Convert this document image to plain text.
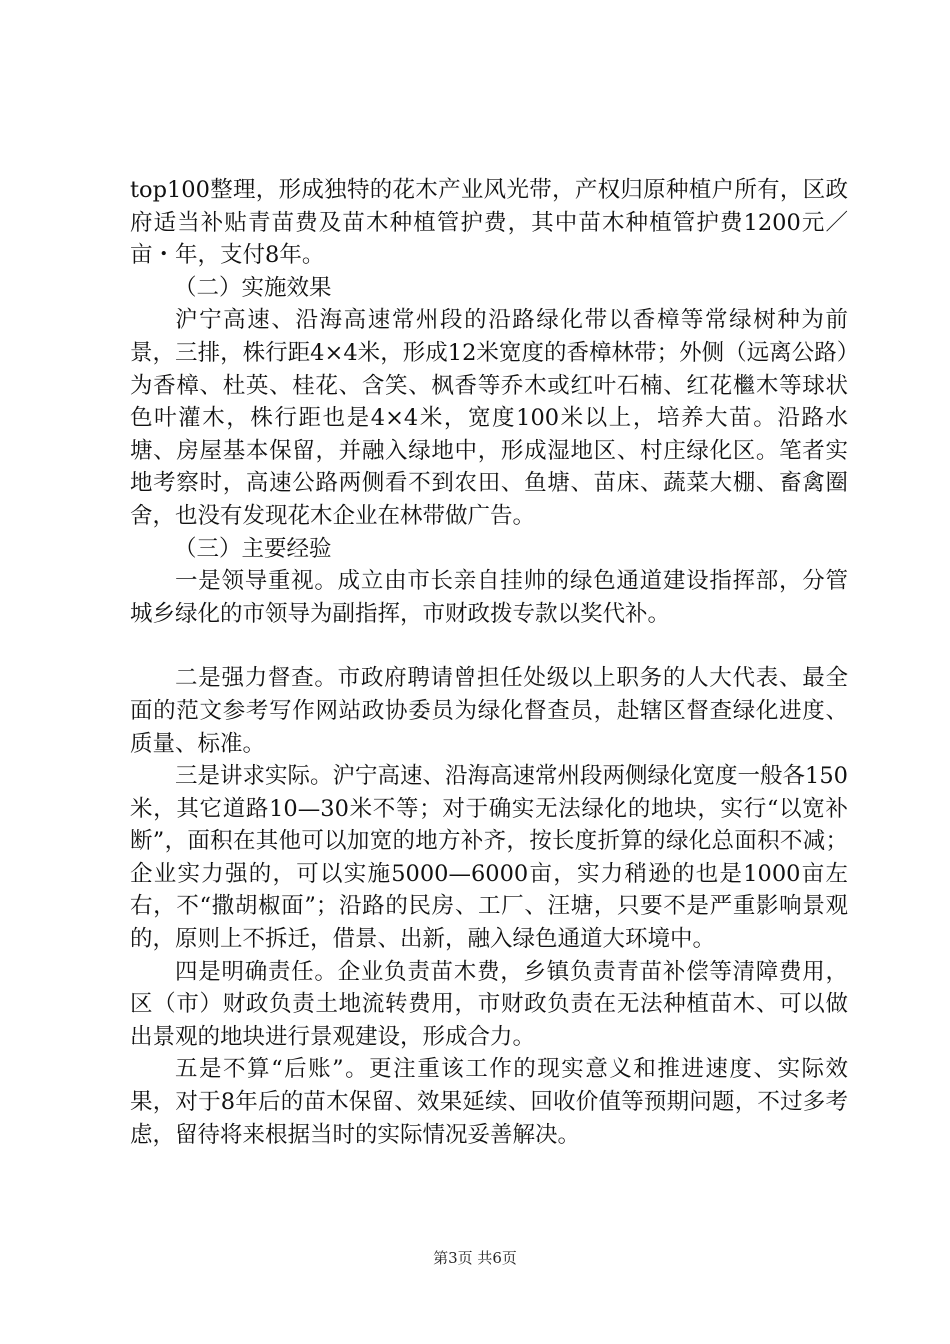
top100整理，形成独特的花木产业风光带，产权归原种植户所有，区政府适当补贴青苗费及苗木种植管护费，其中苗木种植管护费1200元／亩・年，支付8年。

（二）实施效果

沪宁高速、沿海高速常州段的沿路绿化带以香樟等常绿树种为前景，三排，株行距4×4米，形成12米宽度的香樟林带；外侧（远离公路）为香樟、杜英、桂花、含笑、枫香等乔木或红叶石楠、红花檵木等球状色叶灌木，株行距也是4×4米，宽度100米以上，培养大苗。沿路水塘、房屋基本保留，并融入绿地中，形成湿地区、村庄绿化区。笔者实地考察时，高速公路两侧看不到农田、鱼塘、苗床、蔬菜大棚、畜禽圈舍，也没有发现花木企业在林带做广告。

（三）主要经验

一是领导重视。成立由市长亲自挂帅的绿色通道建设指挥部，分管城乡绿化的市领导为副指挥，市财政拨专款以奖代补。

二是强力督查。市政府聘请曾担任处级以上职务的人大代表、最全面的范文参考写作网站政协委员为绿化督查员，赴辖区督查绿化进度、质量、标准。

三是讲求实际。沪宁高速、沿海高速常州段两侧绿化宽度一般各150米，其它道路10—30米不等；对于确实无法绿化的地块，实行“以宽补断”，面积在其他可以加宽的地方补齐，按长度折算的绿化总面积不减；企业实力强的，可以实施5000—6000亩，实力稍逊的也是1000亩左右，不“撒胡椒面”；沿路的民房、工厂、汪塘，只要不是严重影响景观的，原则上不拆迁，借景、出新，融入绿色通道大环境中。

四是明确责任。企业负责苗木费，乡镇负责青苗补偿等清障费用，区（市）财政负责土地流转费用，市财政负责在无法种植苗木、可以做出景观的地块进行景观建设，形成合力。

五是不算“后账”。更注重该工作的现实意义和推进速度、实际效果，对于8年后的苗木保留、效果延续、回收价值等预期问题，不过多考虑，留待将来根据当时的实际情况妥善解决。

第3页 共6页
